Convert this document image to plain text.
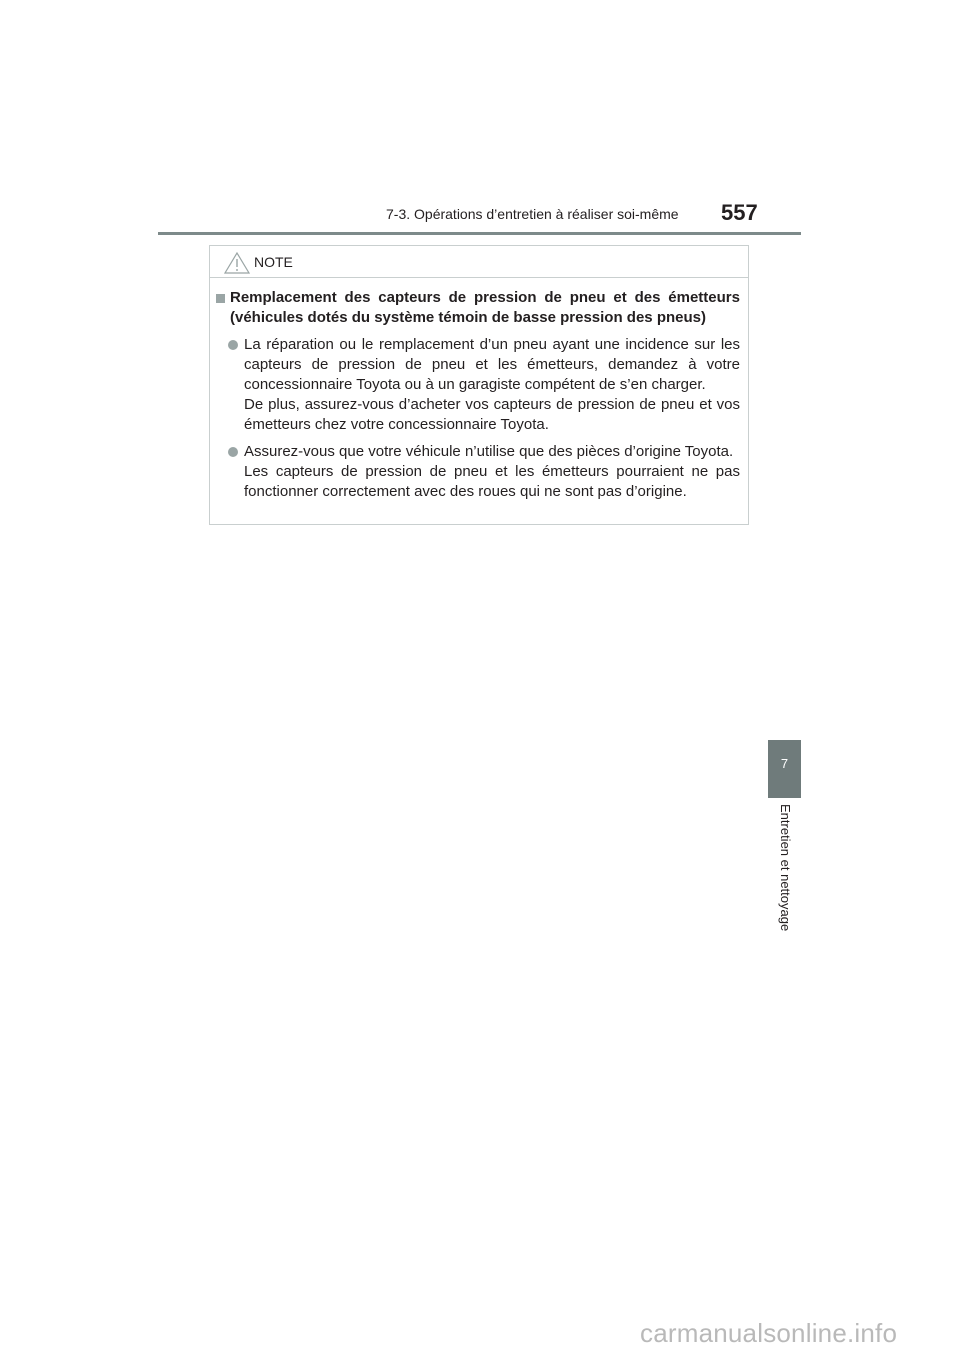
7-3. Opérations d’entretien à réaliser soi-même 557
NOTE

Remplacement des capteurs de pression de pneu et des émetteurs (véhicules dotés du système témoin de basse pression des pneus)

La réparation ou le remplacement d’un pneu ayant une incidence sur les capteurs de pression de pneu et les émetteurs, demandez à votre concessionnaire Toyota ou à un garagiste compétent de s’en charger.
De plus, assurez-vous d’acheter vos capteurs de pression de pneu et vos émetteurs chez votre concessionnaire Toyota.

Assurez-vous que votre véhicule n’utilise que des pièces d’origine Toyota.
Les capteurs de pression de pneu et les émetteurs pourraient ne pas fonctionner correctement avec des roues qui ne sont pas d’origine.

7
Entretien et nettoyage
carmanualsonline.info
